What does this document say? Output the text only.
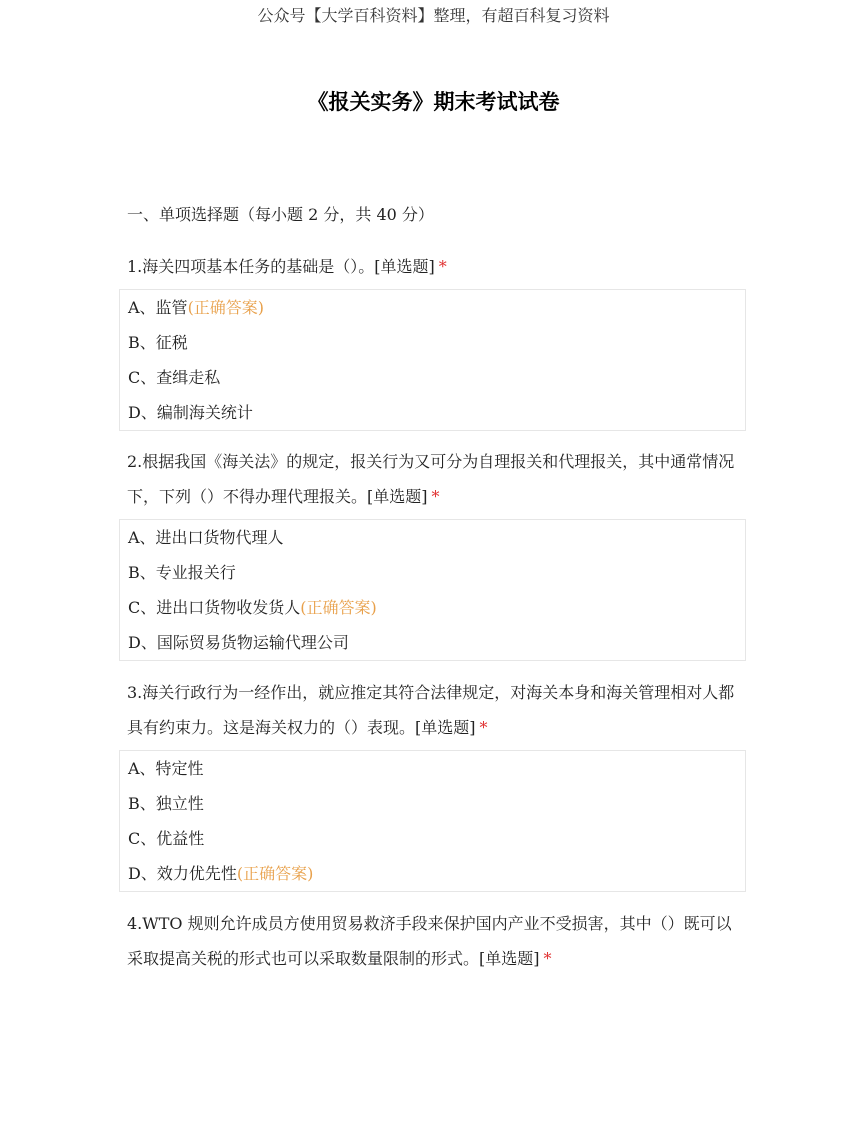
公众号【大学百科资料】整理，有超百科复习资料
《报关实务》期末考试试卷
一、单项选择题（每小题 2 分，共 40 分）

1.海关四项基本任务的基础是（）。[单选题] *

A、监管(正确答案)
B、征税
C、查缉走私
D、编制海关统计

2.根据我国《海关法》的规定，报关行为又可分为自理报关和代理报关，其中通常情况下，下列（）不得办理代理报关。[单选题] *

A、进出口货物代理人
B、专业报关行
C、进出口货物收发货人(正确答案)
D、国际贸易货物运输代理公司

3.海关行政行为一经作出，就应推定其符合法律规定，对海关本身和海关管理相对人都具有约束力。这是海关权力的（）表现。[单选题] *

A、特定性
B、独立性
C、优益性
D、效力优先性(正确答案)

4.WTO 规则允许成员方使用贸易救济手段来保护国内产业不受损害，其中（）既可以采取提高关税的形式也可以采取数量限制的形式。[单选题] *
